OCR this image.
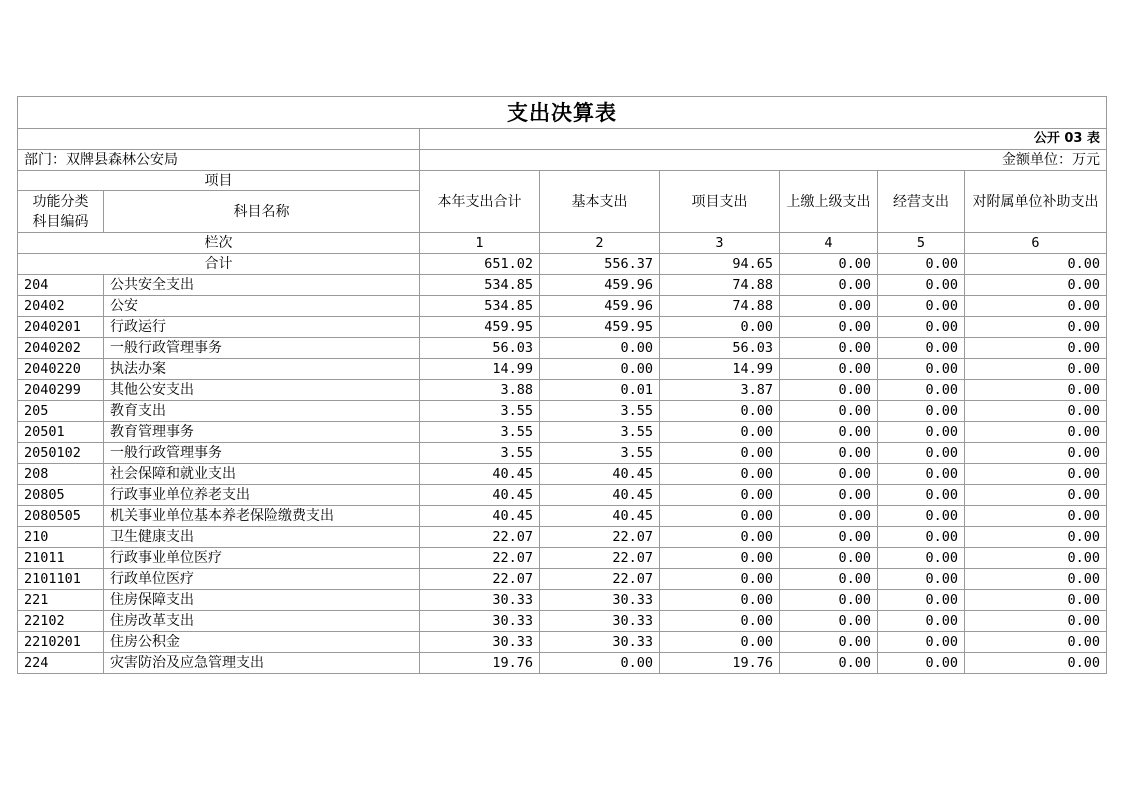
支出决算表							
		公开 03 表					
部门：双牌县森林公安局		金额单位：万元					
项目		本年支出合计	基本支出	项目支出	上缴上级支出	经营支出	对附属单位补助支出
功能分类
科目编码	科目名称						
栏次		1	2	3	4	5	6
合计		651.02	556.37	94.65	0.00	0.00	0.00
204	公共安全支出	534.85	459.96	74.88	0.00	0.00	0.00
20402	公安	534.85	459.96	74.88	0.00	0.00	0.00
2040201	行政运行	459.95	459.95	0.00	0.00	0.00	0.00
2040202	一般行政管理事务	56.03	0.00	56.03	0.00	0.00	0.00
2040220	执法办案	14.99	0.00	14.99	0.00	0.00	0.00
2040299	其他公安支出	3.88	0.01	3.87	0.00	0.00	0.00
205	教育支出	3.55	3.55	0.00	0.00	0.00	0.00
20501	教育管理事务	3.55	3.55	0.00	0.00	0.00	0.00
2050102	一般行政管理事务	3.55	3.55	0.00	0.00	0.00	0.00
208	社会保障和就业支出	40.45	40.45	0.00	0.00	0.00	0.00
20805	行政事业单位养老支出	40.45	40.45	0.00	0.00	0.00	0.00
2080505	机关事业单位基本养老保险缴费支出	40.45	40.45	0.00	0.00	0.00	0.00
210	卫生健康支出	22.07	22.07	0.00	0.00	0.00	0.00
21011	行政事业单位医疗	22.07	22.07	0.00	0.00	0.00	0.00
2101101	行政单位医疗	22.07	22.07	0.00	0.00	0.00	0.00
221	住房保障支出	30.33	30.33	0.00	0.00	0.00	0.00
22102	住房改革支出	30.33	30.33	0.00	0.00	0.00	0.00
2210201	住房公积金	30.33	30.33	0.00	0.00	0.00	0.00
224	灾害防治及应急管理支出	19.76	0.00	19.76	0.00	0.00	0.00
